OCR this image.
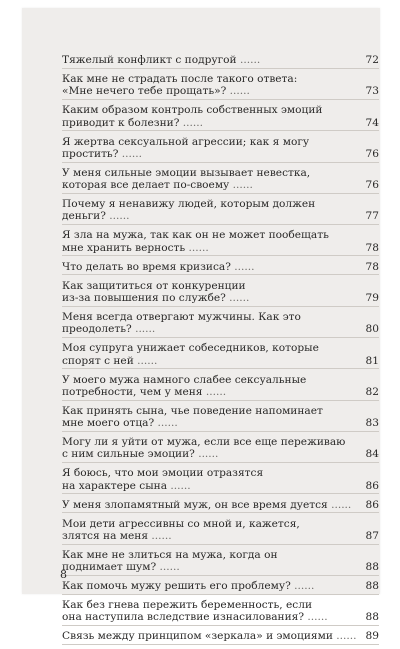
Тяжелый конфликт с подругой ......	72
Как мне не страдать после такого ответа:
«Мне нечего тебе прощать»? ......	73
Каким образом контроль собственных эмоций
приводит к болезни? ......	74
Я жертва сексуальной агрессии; как я могу
простить? ......	76
У меня сильные эмоции вызывает невестка,
которая все делает по-своему ......	76
Почему я ненавижу людей, которым должен
деньги? ......	77
Я зла на мужа, так как он не может пообещать
мне хранить верность ......	78
Что делать во время кризиса? ......	78
Как защититься от конкуренции
из-за повышения по службе? ......	79
Меня всегда отвергают мужчины. Как это
преодолеть? ......	80
Моя супруга унижает собеседников, которые
спорят с ней ......	81
У моего мужа намного слабее сексуальные
потребности, чем у меня ......	82
Как принять сына, чье поведение напоминает
мне моего отца? ......	83
Могу ли я уйти от мужа, если все еще переживаю
с ним сильные эмоции? ......	84
Я боюсь, что мои эмоции отразятся
на характере сына ......	86
У меня злопамятный муж, он все время дуется ......	86
Мои дети агрессивны со мной и, кажется,
злятся на меня ......	87
Как мне не злиться на мужа, когда он
поднимает шум? ......	88
Как помочь мужу решить его проблему? ......	88
Как без гнева пережить беременность, если
она наступила вследствие изнасилования? ......	88
Связь между принципом «зеркала» и эмоциями ...... 89
8
